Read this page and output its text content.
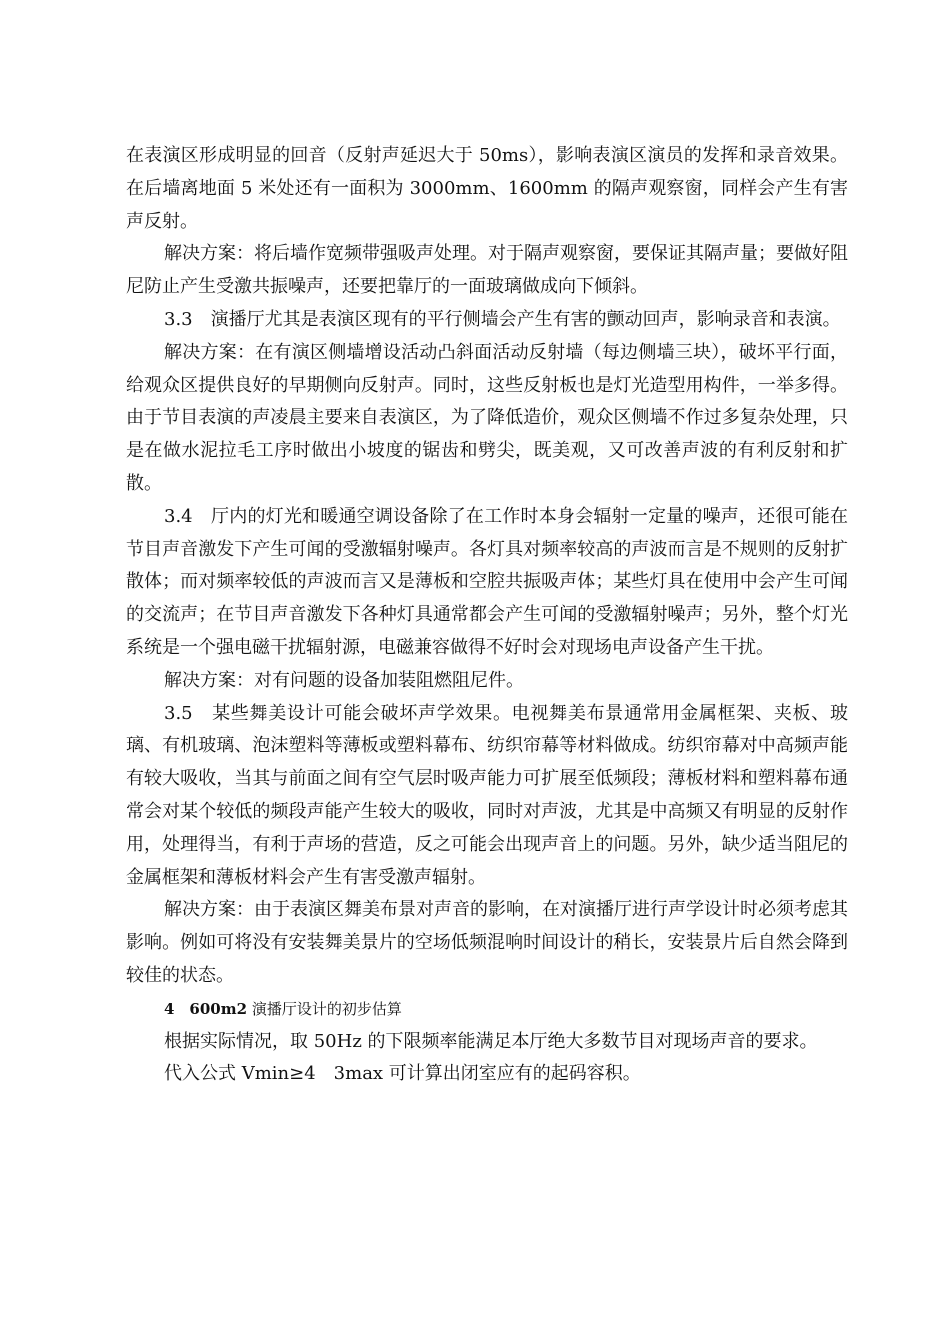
在表演区形成明显的回音（反射声延迟大于 50ms），影响表演区演员的发挥和录音效果。在后墙离地面 5 米处还有一面积为 3000mm、1600mm 的隔声观察窗，同样会产生有害声反射。

解决方案：将后墙作宽频带强吸声处理。对于隔声观察窗，要保证其隔声量；要做好阻尼防止产生受激共振噪声，还要把靠厅的一面玻璃做成向下倾斜。

3.3　演播厅尤其是表演区现有的平行侧墙会产生有害的颤动回声，影响录音和表演。

解决方案：在有演区侧墙增设活动凸斜面活动反射墙（每边侧墙三块），破坏平行面，给观众区提供良好的早期侧向反射声。同时，这些反射板也是灯光造型用构件，一举多得。由于节目表演的声凌晨主要来自表演区，为了降低造价，观众区侧墙不作过多复杂处理，只是在做水泥拉毛工序时做出小坡度的锯齿和劈尖，既美观，又可改善声波的有利反射和扩散。

3.4　厅内的灯光和暖通空调设备除了在工作时本身会辐射一定量的噪声，还很可能在节目声音激发下产生可闻的受激辐射噪声。各灯具对频率较高的声波而言是不规则的反射扩散体；而对频率较低的声波而言又是薄板和空腔共振吸声体；某些灯具在使用中会产生可闻的交流声；在节目声音激发下各种灯具通常都会产生可闻的受激辐射噪声；另外，整个灯光系统是一个强电磁干扰辐射源，电磁兼容做得不好时会对现场电声设备产生干扰。

解决方案：对有问题的设备加装阻燃阻尼件。

3.5　某些舞美设计可能会破坏声学效果。电视舞美布景通常用金属框架、夹板、玻璃、有机玻璃、泡沫塑料等薄板或塑料幕布、纺织帘幕等材料做成。纺织帘幕对中高频声能有较大吸收，当其与前面之间有空气层时吸声能力可扩展至低频段；薄板材料和塑料幕布通常会对某个较低的频段声能产生较大的吸收，同时对声波，尤其是中高频又有明显的反射作用，处理得当，有利于声场的营造，反之可能会出现声音上的问题。另外，缺少适当阻尼的金属框架和薄板材料会产生有害受激声辐射。

解决方案：由于表演区舞美布景对声音的影响，在对演播厅进行声学设计时必须考虑其影响。例如可将没有安装舞美景片的空场低频混响时间设计的稍长，安装景片后自然会降到较佳的状态。

4　600m2 演播厅设计的初步估算

根据实际情况，取 50Hz 的下限频率能满足本厅绝大多数节目对现场声音的要求。

代入公式 Vmin≥4　3max 可计算出闭室应有的起码容积。
